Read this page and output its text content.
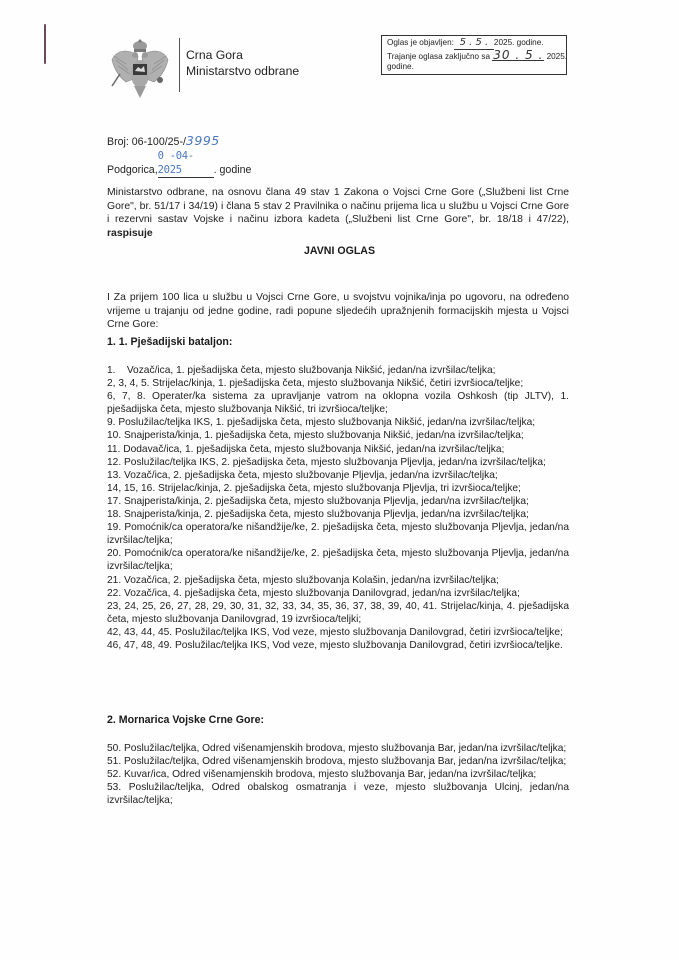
Crna Gora
Ministarstvo odbrane
Oglas je objavljen: 5 . 5 . 2025. godine.
Trajanje oglasa zaključno sa 30 . 5 . 2025.
godine.
Broj: 06-100/25-/3995
Podgorica,0 -04- 2025	. godine
Ministarstvo odbrane, na osnovu člana 49 stav 1 Zakona o Vojsci Crne Gore („Službeni list Crne Gore", br. 51/17 i 34/19) i člana 5 stav 2 Pravilnika o načinu prijema lica u službu u Vojsci Crne Gore i rezervni sastav Vojske i načinu izbora kadeta („Službeni list Crne Gore", br. 18/18 i 47/22), raspisuje
JAVNI OGLAS
I Za prijem 100 lica u službu u Vojsci Crne Gore, u svojstvu vojnika/inja po ugovoru, na određeno vrijeme u trajanju od jedne godine, radi popune sljedećih upražnjenih formacijskih mjesta u Vojsci Crne Gore:
1. 1. Pješadijski bataljon:
1.    Vozač/ica, 1. pješadijska četa, mjesto službovanja Nikšić, jedan/na izvršilac/teljka;
2, 3, 4, 5. Strijelac/kinja, 1. pješadijska četa, mjesto službovanja Nikšić, četiri izvršioca/teljke;
6, 7, 8. Operater/ka sistema za upravljanje vatrom na oklopna vozila Oshkosh (tip JLTV), 1. pješadijska četa, mjesto službovanja Nikšić, tri izvršioca/teljke;
9. Poslužilac/teljka IKS, 1. pješadijska četa, mjesto službovanja Nikšić, jedan/na izvršilac/teljka;
10. Snajperista/kinja, 1. pješadijska četa, mjesto službovanja Nikšić, jedan/na izvršilac/teljka;
11. Dodavač/ica, 1. pješadijska četa, mjesto službovanja Nikšić, jedan/na izvršilac/teljka;
12. Poslužilac/teljka IKS, 2. pješadijska četa, mjesto službovanja Pljevlja, jedan/na izvršilac/teljka;
13. Vozač/ica, 2. pješadijska četa, mjesto službovanje Pljevlja, jedan/na izvršilac/teljka;
14, 15, 16. Strijelac/kinja, 2. pješadijska četa, mjesto službovanja Pljevlja, tri izvršioca/teljke;
17. Snajperista/kinja, 2. pješadijska četa, mjesto službovanja Pljevlja, jedan/na izvršilac/teljka;
18. Snajperista/kinja, 2. pješadijska četa, mjesto službovanja Pljevlja, jedan/na izvršilac/teljka;
19. Pomoćnik/ca operatora/ke nišandžije/ke, 2. pješadijska četa, mjesto službovanja Pljevlja, jedan/na izvršilac/teljka;
20. Pomoćnik/ca operatora/ke nišandžije/ke, 2. pješadijska četa, mjesto službovanja Pljevlja, jedan/na izvršilac/teljka;
21. Vozač/ica, 2. pješadijska četa, mjesto službovanja Kolašin, jedan/na izvršilac/teljka;
22. Vozač/ica, 4. pješadijska četa, mjesto službovanja Danilovgrad, jedan/na izvršilac/teljka;
23, 24, 25, 26, 27, 28, 29, 30, 31, 32, 33, 34, 35, 36, 37, 38, 39, 40, 41. Strijelac/kinja, 4. pješadijska četa, mjesto službovanja Danilovgrad, 19 izvršioca/teljki;
42, 43, 44, 45. Poslužilac/teljka IKS, Vod veze, mjesto službovanja Danilovgrad, četiri izvršioca/teljke;
46, 47, 48, 49. Poslužilac/teljka IKS, Vod veze, mjesto službovanja Danilovgrad, četiri izvršioca/teljke.
2. Mornarica Vojske Crne Gore:
50. Poslužilac/teljka, Odred višenamjenskih brodova, mjesto službovanja Bar, jedan/na izvršilac/teljka;
51. Poslužilac/teljka, Odred višenamjenskih brodova, mjesto službovanja Bar, jedan/na izvršilac/teljka;
52. Kuvar/ica, Odred višenamjenskih brodova, mjesto službovanja Bar, jedan/na izvršilac/teljka;
53. Poslužilac/teljka, Odred obalskog osmatranja i veze, mjesto službovanja Ulcinj, jedan/na izvršilac/teljka;
